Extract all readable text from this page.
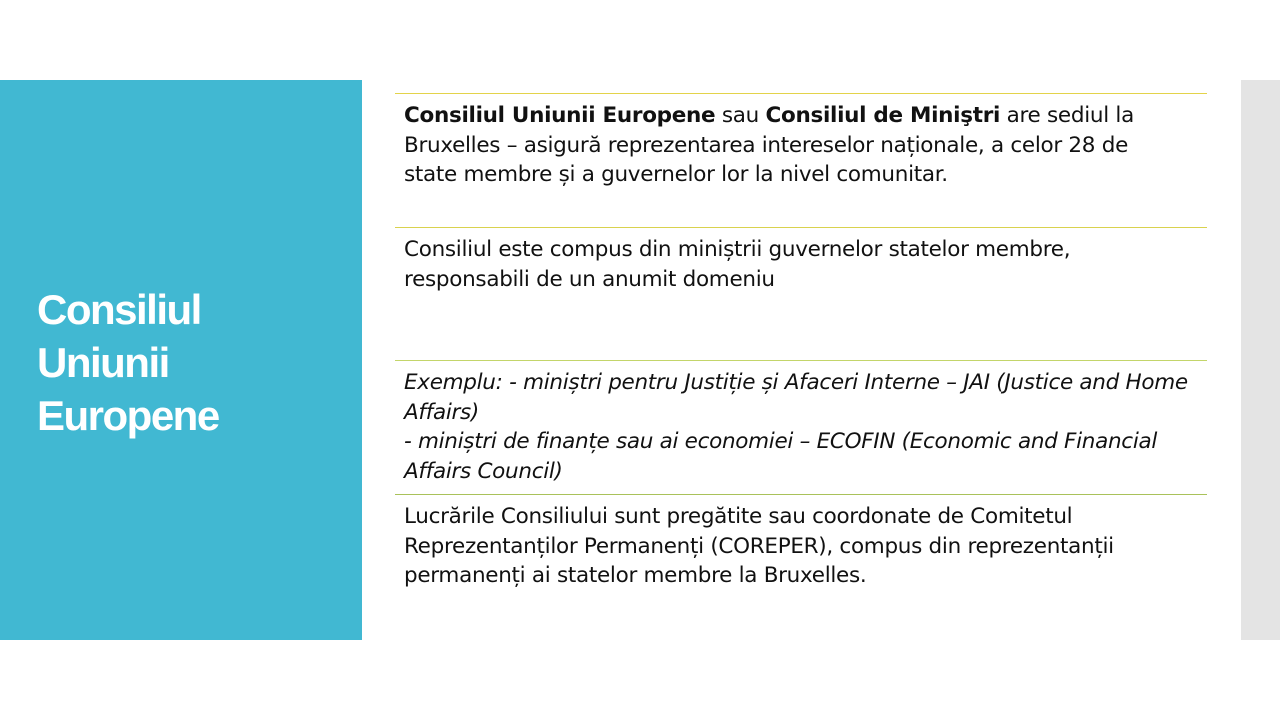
Consiliul
Uniunii
Europene
Consiliul Uniunii Europene sau Consiliul de Miniştri are sediul la
Bruxelles – asigură reprezentarea intereselor naționale, a celor 28 de
state membre și a guvernelor lor la nivel comunitar.
Consiliul este compus din miniștrii guvernelor statelor membre,
responsabili de un anumit domeniu
Exemplu: - miniștri pentru Justiție și Afaceri Interne – JAI (Justice and Home
Affairs)
- miniștri de finanțe sau ai economiei – ECOFIN (Economic and Financial
Affairs Council)
Lucrările Consiliului sunt pregătite sau coordonate de Comitetul
Reprezentanților Permanenți (COREPER), compus din reprezentanții
permanenți ai statelor membre la Bruxelles.
